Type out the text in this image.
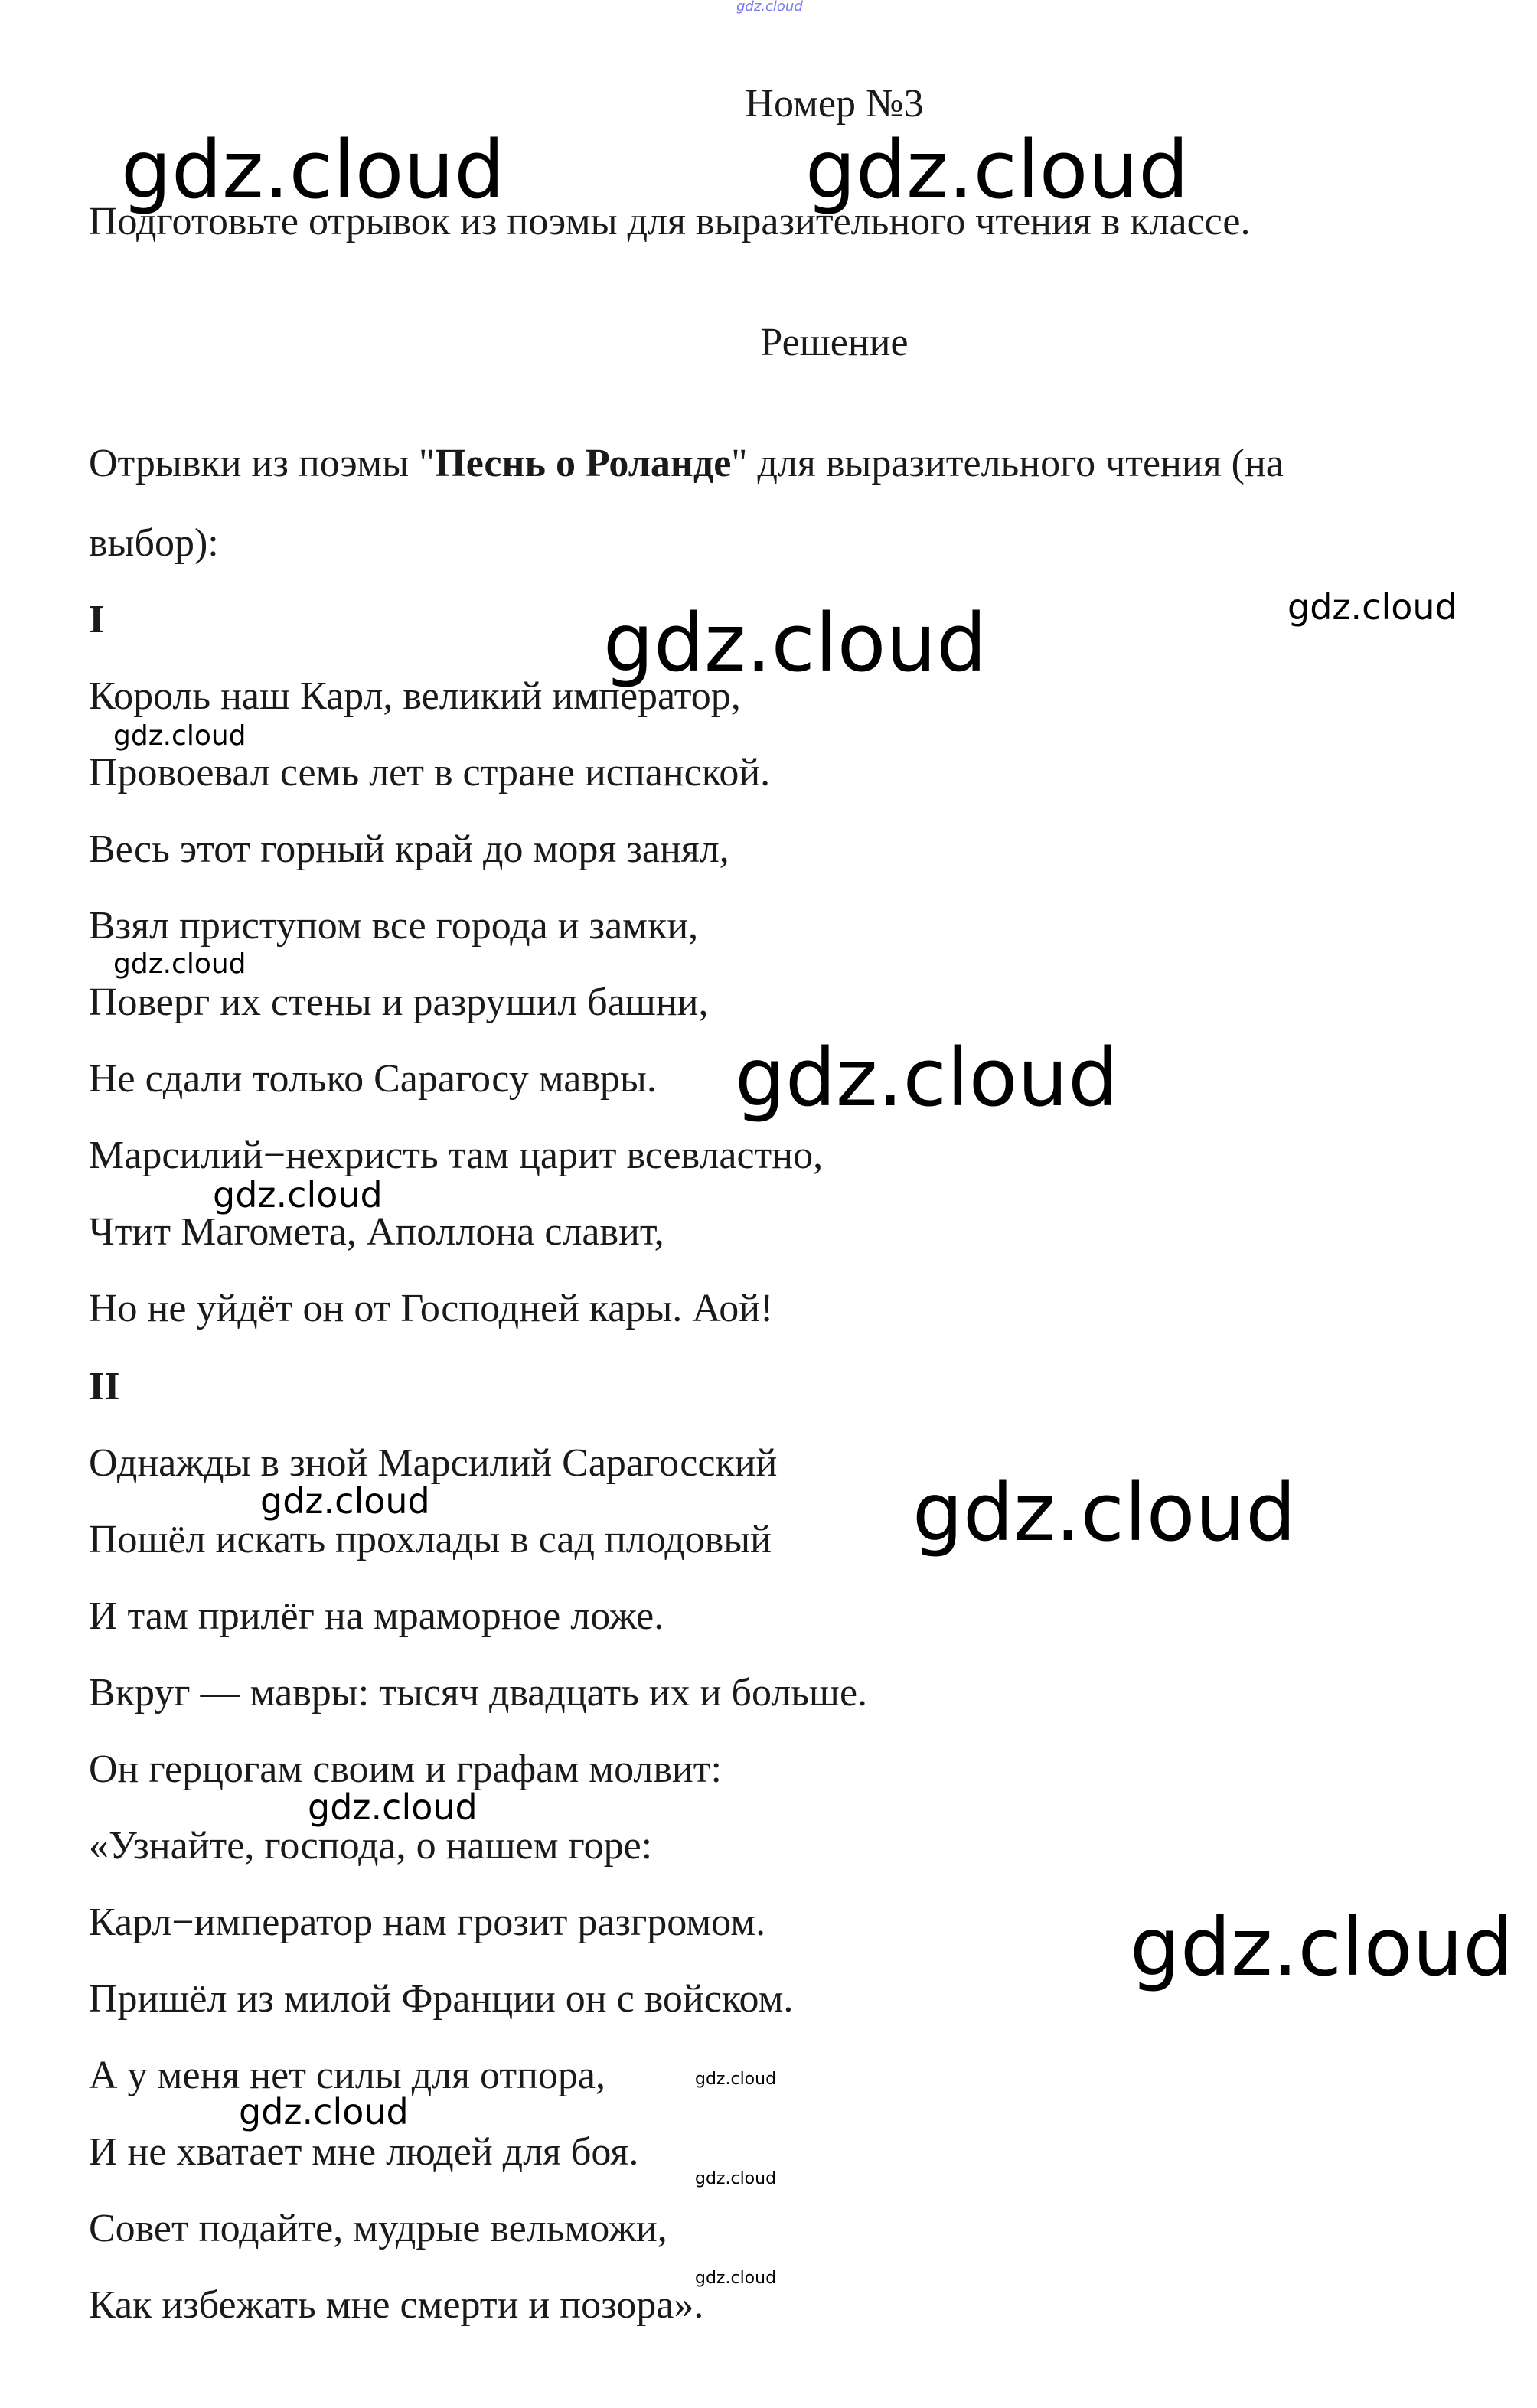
gdz.cloud
Номер №3
Подготовьте отрывок из поэмы для выразительного чтения в классе.
Решение
Отрывки из поэмы "Песнь о Роланде" для выразительного чтения (на
выбор):
I
Король наш Карл, великий император,
Провоевал семь лет в стране испанской.
Весь этот горный край до моря занял,
Взял приступом все города и замки,
Поверг их стены и разрушил башни,
Не сдали только Сарагосу мавры.
Марсилий−нехристь там царит всевластно,
Чтит Магомета, Аполлона славит,
Но не уйдёт он от Господней кары. Аой!
II
Однажды в зной Марсилий Сарагосский
Пошёл искать прохлады в сад плодовый
И там прилёг на мраморное ложе.
Вкруг — мавры: тысяч двадцать их и больше.
Он герцогам своим и графам молвит:
«Узнайте, господа, о нашем горе:
Карл−император нам грозит разгромом.
Пришёл из милой Франции он с войском.
А у меня нет силы для отпора,
И не хватает мне людей для боя.
Совет подайте, мудрые вельможи,
Как избежать мне смерти и позора».
gdz.cloud	gdz.cloud
gdz.cloud
gdz.cloud
gdz.cloud
gdz.cloud
gdz.cloud
gdz.cloud
gdz.cloud
gdz.cloud
gdz.cloud
gdz.cloud
gdz.cloud
gdz.cloud
gdz.cloud
gdz.cloud
